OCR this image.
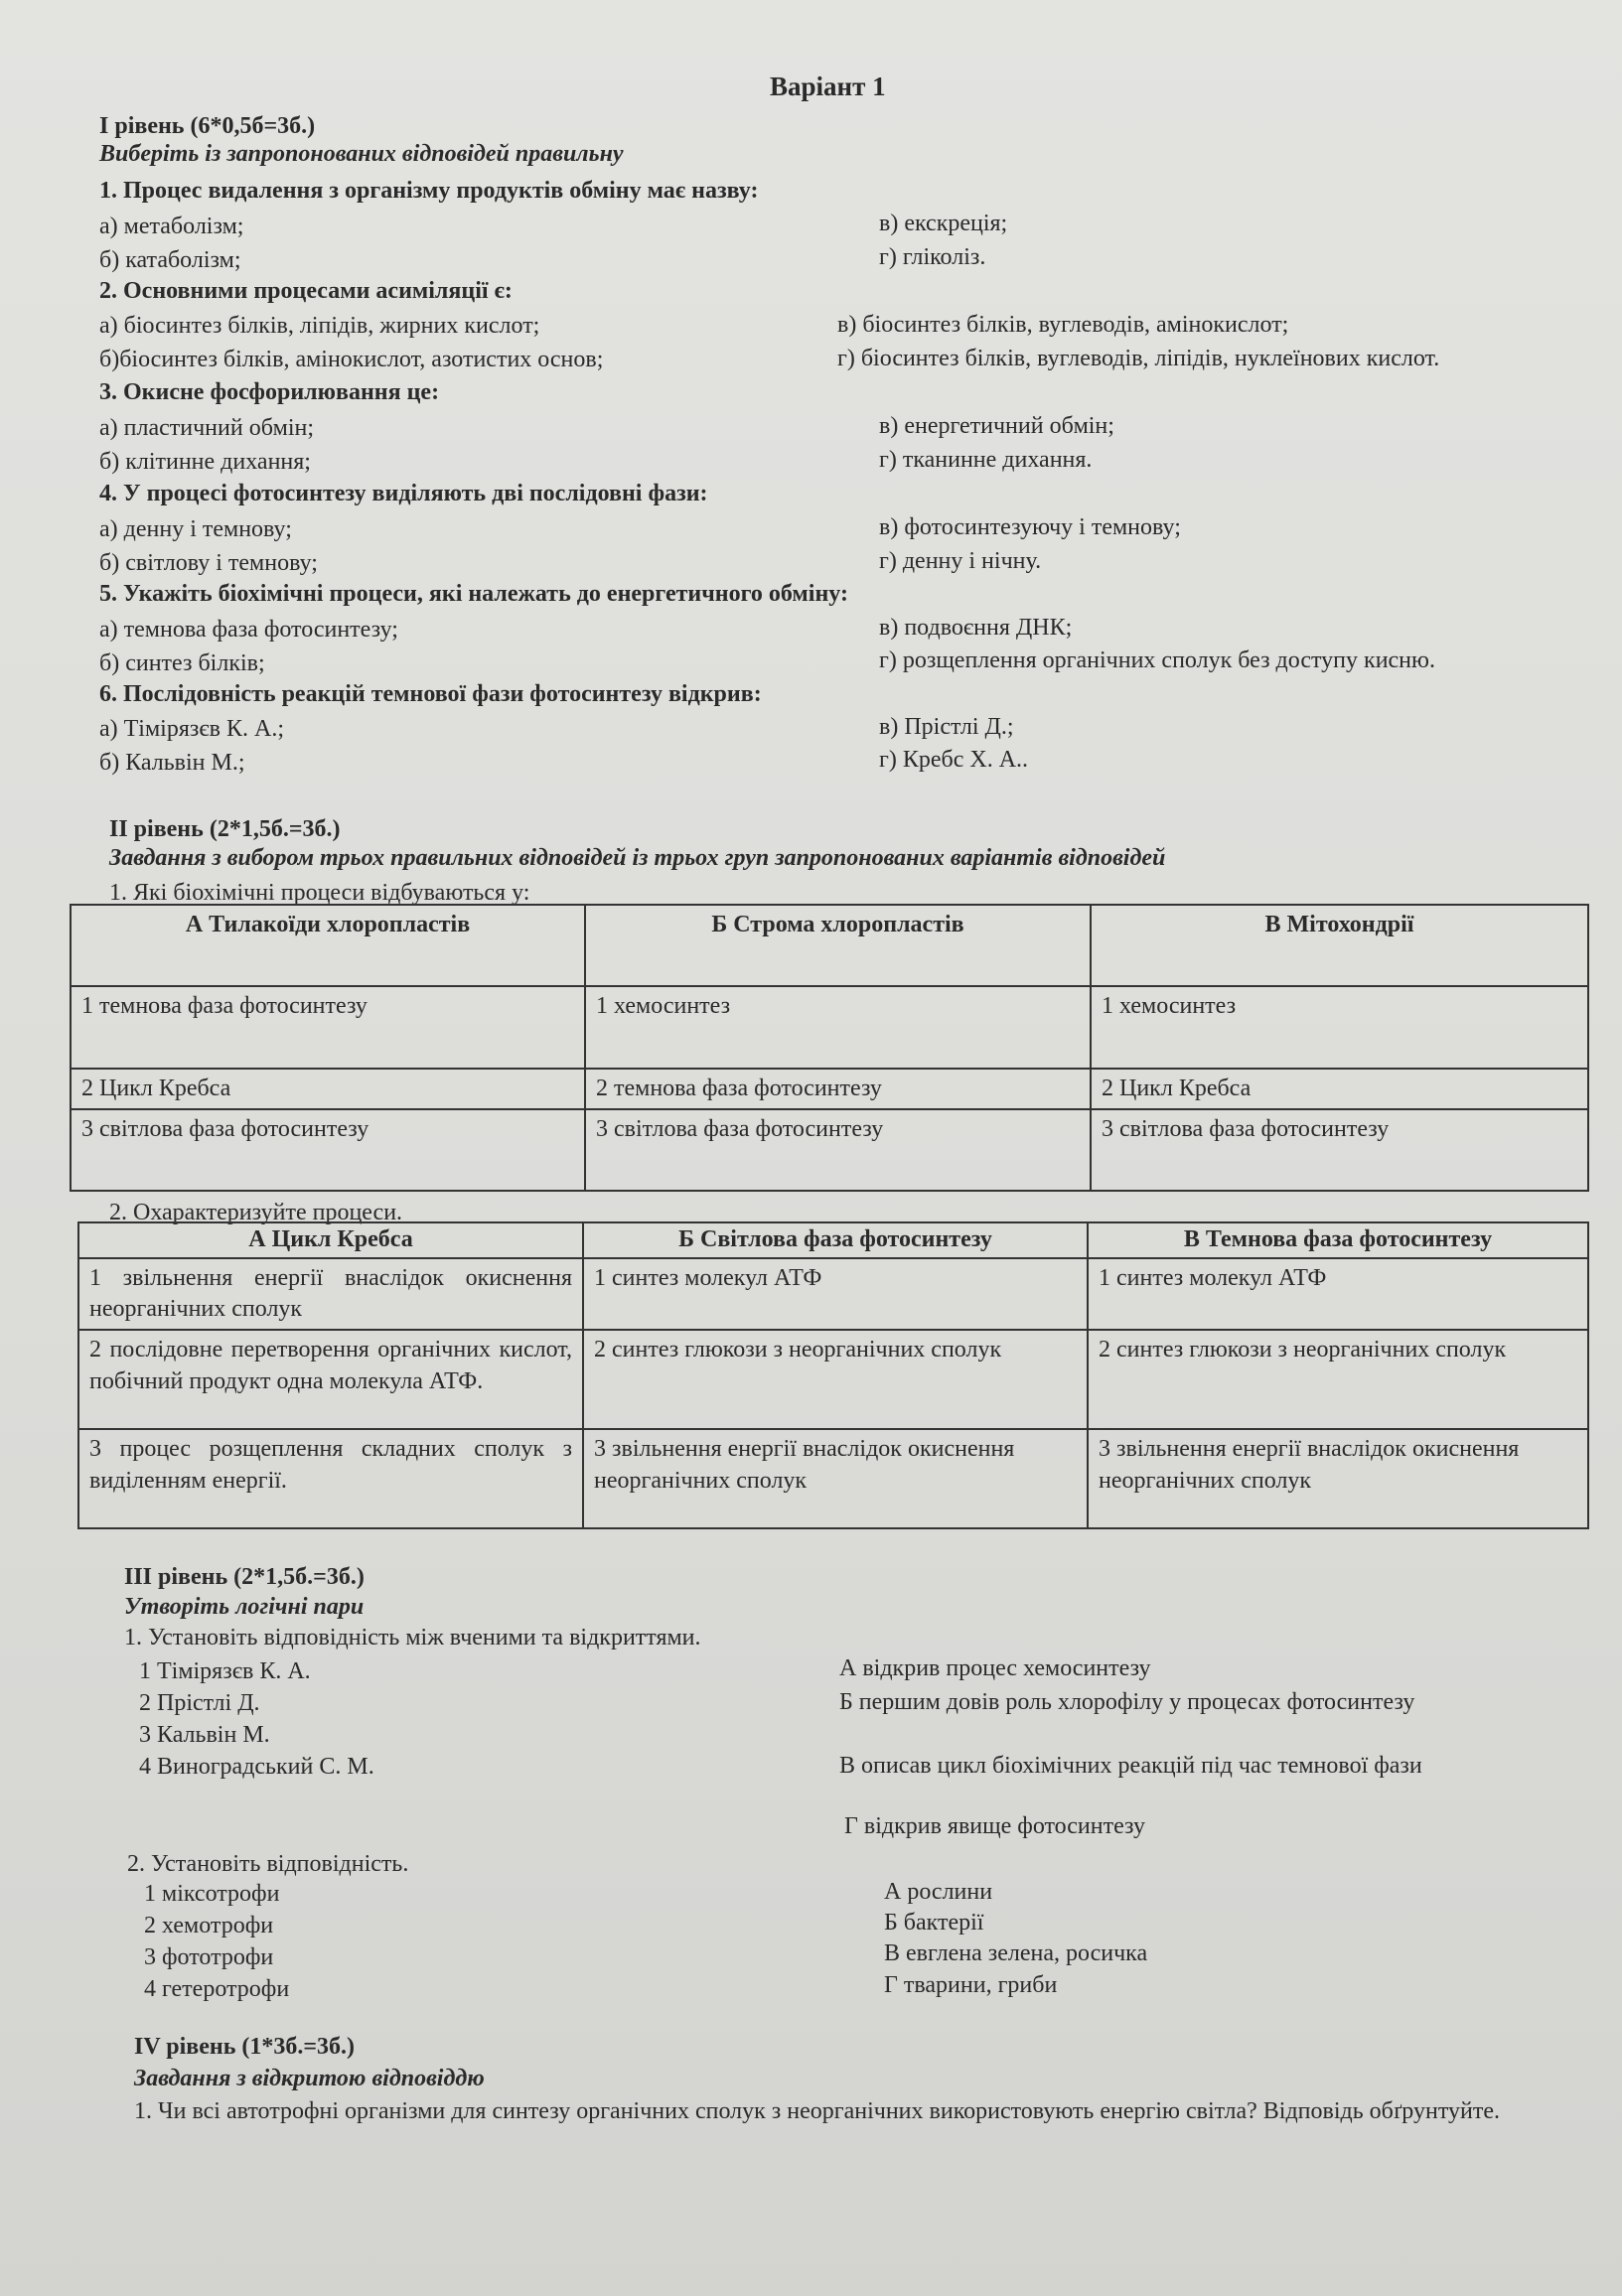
Варіант 1
І рівень (6*0,5б=3б.)
Виберіть із запропонованих відповідей правильну
1. Процес видалення з організму продуктів обміну має назву:
а) метаболізм;
б) катаболізм;
в) екскреція;
г) гліколіз.
2. Основними процесами асиміляції є:
а) біосинтез білків, ліпідів, жирних кислот;
б)біосинтез білків, амінокислот, азотистих основ;
в) біосинтез білків, вуглеводів, амінокислот;
г) біосинтез білків, вуглеводів, ліпідів, нуклеїнових кислот.
3. Окисне фосфорилювання це:
а) пластичний обмін;
б) клітинне дихання;
в) енергетичний обмін;
г) тканинне дихання.
4. У процесі фотосинтезу виділяють дві послідовні фази:
а) денну і темнову;
б) світлову і темнову;
в) фотосинтезуючу і темнову;
г) денну і нічну.
5. Укажіть біохімічні процеси, які належать до енергетичного обміну:
а) темнова фаза фотосинтезу;
б) синтез білків;
в) подвоєння ДНК;
г) розщеплення органічних сполук без доступу кисню.
6. Послідовність реакцій темнової фази фотосинтезу відкрив:
а) Тімірязєв К. А.;
б) Кальвін М.;
в) Прістлі Д.;
г) Кребс Х. А..
ІІ рівень (2*1,5б.=3б.)
Завдання з вибором трьох правильних відповідей із трьох груп запропонованих варіантів відповідей
1. Які біохімічні процеси відбуваються у:
А Тилакоїди хлоропластів	Б Строма хлоропластів	В Мітохондрії
1 темнова фаза фотосинтезу	1 хемосинтез	1 хемосинтез
2 Цикл Кребса	2 темнова фаза фотосинтезу	2 Цикл Кребса
3 світлова фаза фотосинтезу	3 світлова фаза фотосинтезу	3 світлова фаза фотосинтезу
2. Охарактеризуйте процеси.
А Цикл Кребса	Б Світлова фаза фотосинтезу	В Темнова фаза фотосинтезу
1 звільнення енергії внаслідок окиснення неорганічних сполук	1 синтез молекул АТФ	1 синтез молекул АТФ
2 послідовне перетворення органічних кислот, побічний продукт одна молекула АТФ.	2 синтез глюкози з неорганічних сполук	2 синтез глюкози з неорганічних сполук
3 процес розщеплення складних сполук з виділенням енергії.	3 звільнення енергії внаслідок окиснення неорганічних сполук	3 звільнення енергії внаслідок окиснення неорганічних сполук
ІІІ рівень (2*1,5б.=3б.)
Утворіть логічні пари
1. Установіть відповідність між вченими та відкриттями.
1 Тімірязєв К. А.
2 Прістлі Д.
3 Кальвін М.
4 Виноградський С. М.
А відкрив процес хемосинтезу
Б першим довів роль хлорофілу у процесах фотосинтезу
В описав цикл біохімічних реакцій під час темнової фази
Г відкрив явище фотосинтезу
2. Установіть відповідність.
1 міксотрофи
2 хемотрофи
3 фототрофи
4 гетеротрофи
А рослини
Б бактерії
В евглена зелена, росичка
Г тварини, гриби
IV рівень (1*3б.=3б.)
Завдання з відкритою відповіддю
1. Чи всі автотрофні організми для синтезу органічних сполук з неорганічних використовують енергію світла? Відповідь обґрунтуйте.
